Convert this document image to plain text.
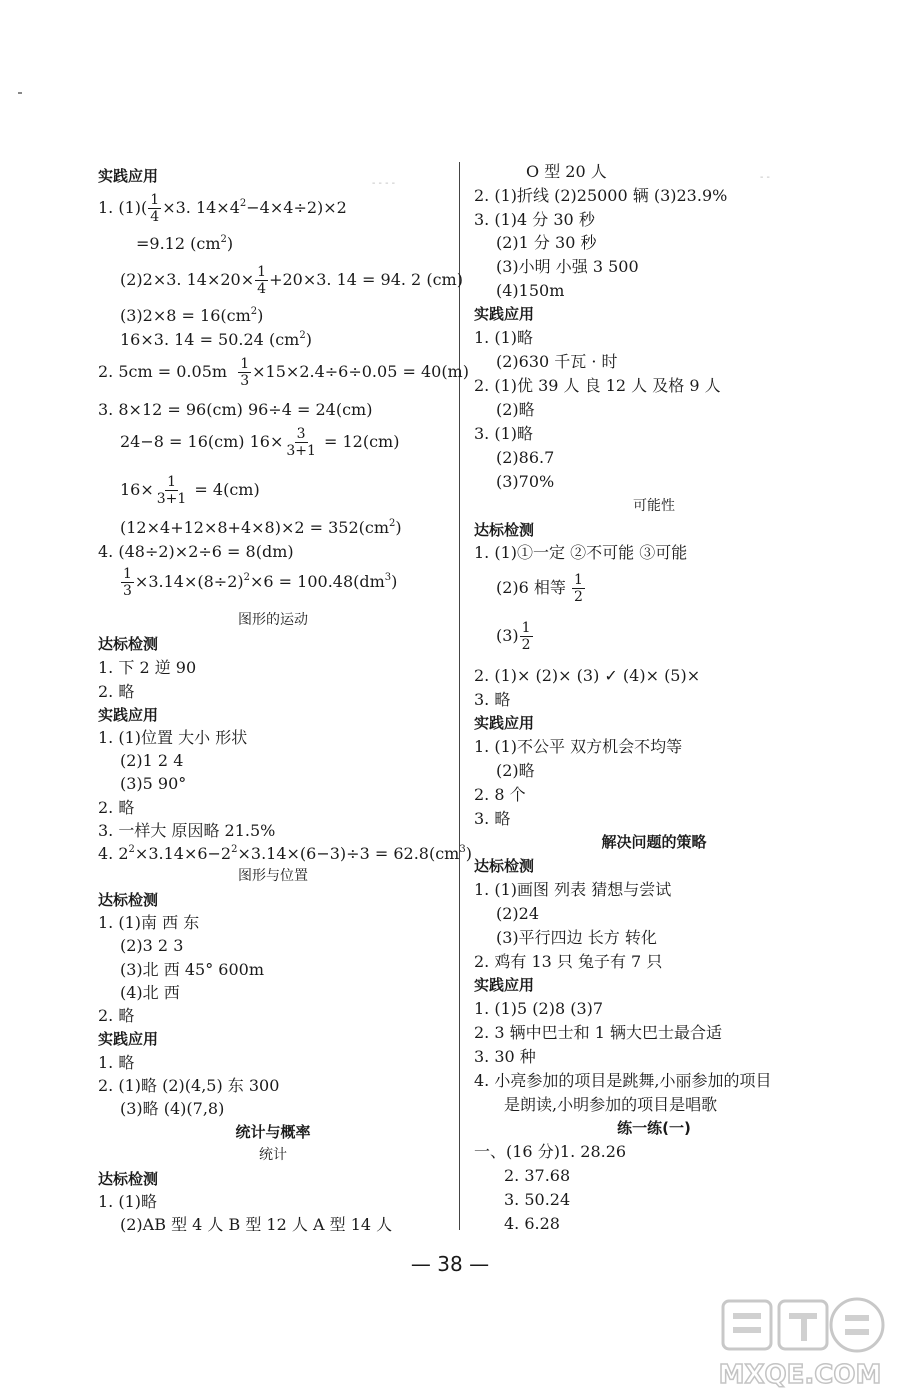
- - - -
- -
实践应用
1. $(1)( \frac{1}{4} \times 3$. $14\times 4^2-4\times 4\div 2)\times 2$
=9.12 $(cm^2)$
(2)2×3. $14\times 20\times \frac{1}{4} +20\times 3$. 14 = 94. 2 (cm)
$(3)2\times 8 = 16(cm^2)$
16×3. 14 = 50.24 $(cm^2)$
2. $5cm = 0.05m \frac{1}{3} \times 15\times 2.4\div 6\div 0.05 = 40(m)$
3. 8×12 = 96(cm) 96÷4 = 24(cm)
24−8 = 16(cm) $16\times \frac{3}{3+1} = 12(cm)$
$16\times \frac{1}{3+1} = 4(cm)$
$(12\times 4+12\times 8+4\times 8)\times 2 = 352(cm^2)$
4. (48÷2)×2÷6 = 8(dm)
$\frac{1}{3} \times 3.14\times(8\div 2)^2\times 6 = 100.48(dm^3)$
图形的运动
达标检测
1. 下 2 逆 90
2. 略
实践应用
1. (1)位置 大小 形状
(2)1 2 4
(3)5 90°
2. 略
3. 一样大 原因略 21.5%
4. $2^2\times 3.14\times 6-2^2\times 3.14\times(6-3)\div 3 = 62.8(cm^3)$
图形与位置
达标检测
1. (1)南 西 东
(2)3 2 3
(3)北 西 45° 600m
(4)北 西
2. 略
实践应用
1. 略
2. (1)略 (2)(4,5) 东 300
(3)略 (4)(7,8)
统计与概率
统计
达标检测
1. (1)略
(2)AB 型 4 人 B 型 12 人 A 型 14 人
O 型 20 人
2. (1)折线 (2)25000 辆 (3)23.9%
3. (1)4 分 30 秒
(2)1 分 30 秒
(3)小明 小强 3 500
(4)150m
实践应用
1. (1)略
(2)630 千瓦 · 时
2. (1)优 39 人 良 12 人 及格 9 人
(2)略
3. (1)略
(2)86.7
(3)70%
可能性
达标检测
1. (1)①一定 ②不可能 ③可能
(2)6 相等 $\frac{1}{2}$
$(3) \frac{1}{2}$
2. (1)× (2)× (3) ✓ (4)× (5)×
3. 略
实践应用
1. (1)不公平 双方机会不均等
(2)略
2. 8 个
3. 略
解决问题的策略
达标检测
1. (1)画图 列表 猜想与尝试
(2)24
(3)平行四边 长方 转化
2. 鸡有 13 只 兔子有 7 只
实践应用
1. (1)5 (2)8 (3)7
2. 3 辆中巴士和 1 辆大巴士最合适
3. 30 种
4. 小亮参加的项目是跳舞,小丽参加的项目
是朗读,小明参加的项目是唱歌
练一练(一)
一、(16 分)1. 28.26
2. 37.68
3. 50.24
4. 6.28
— 38 —
MXQE.COM
